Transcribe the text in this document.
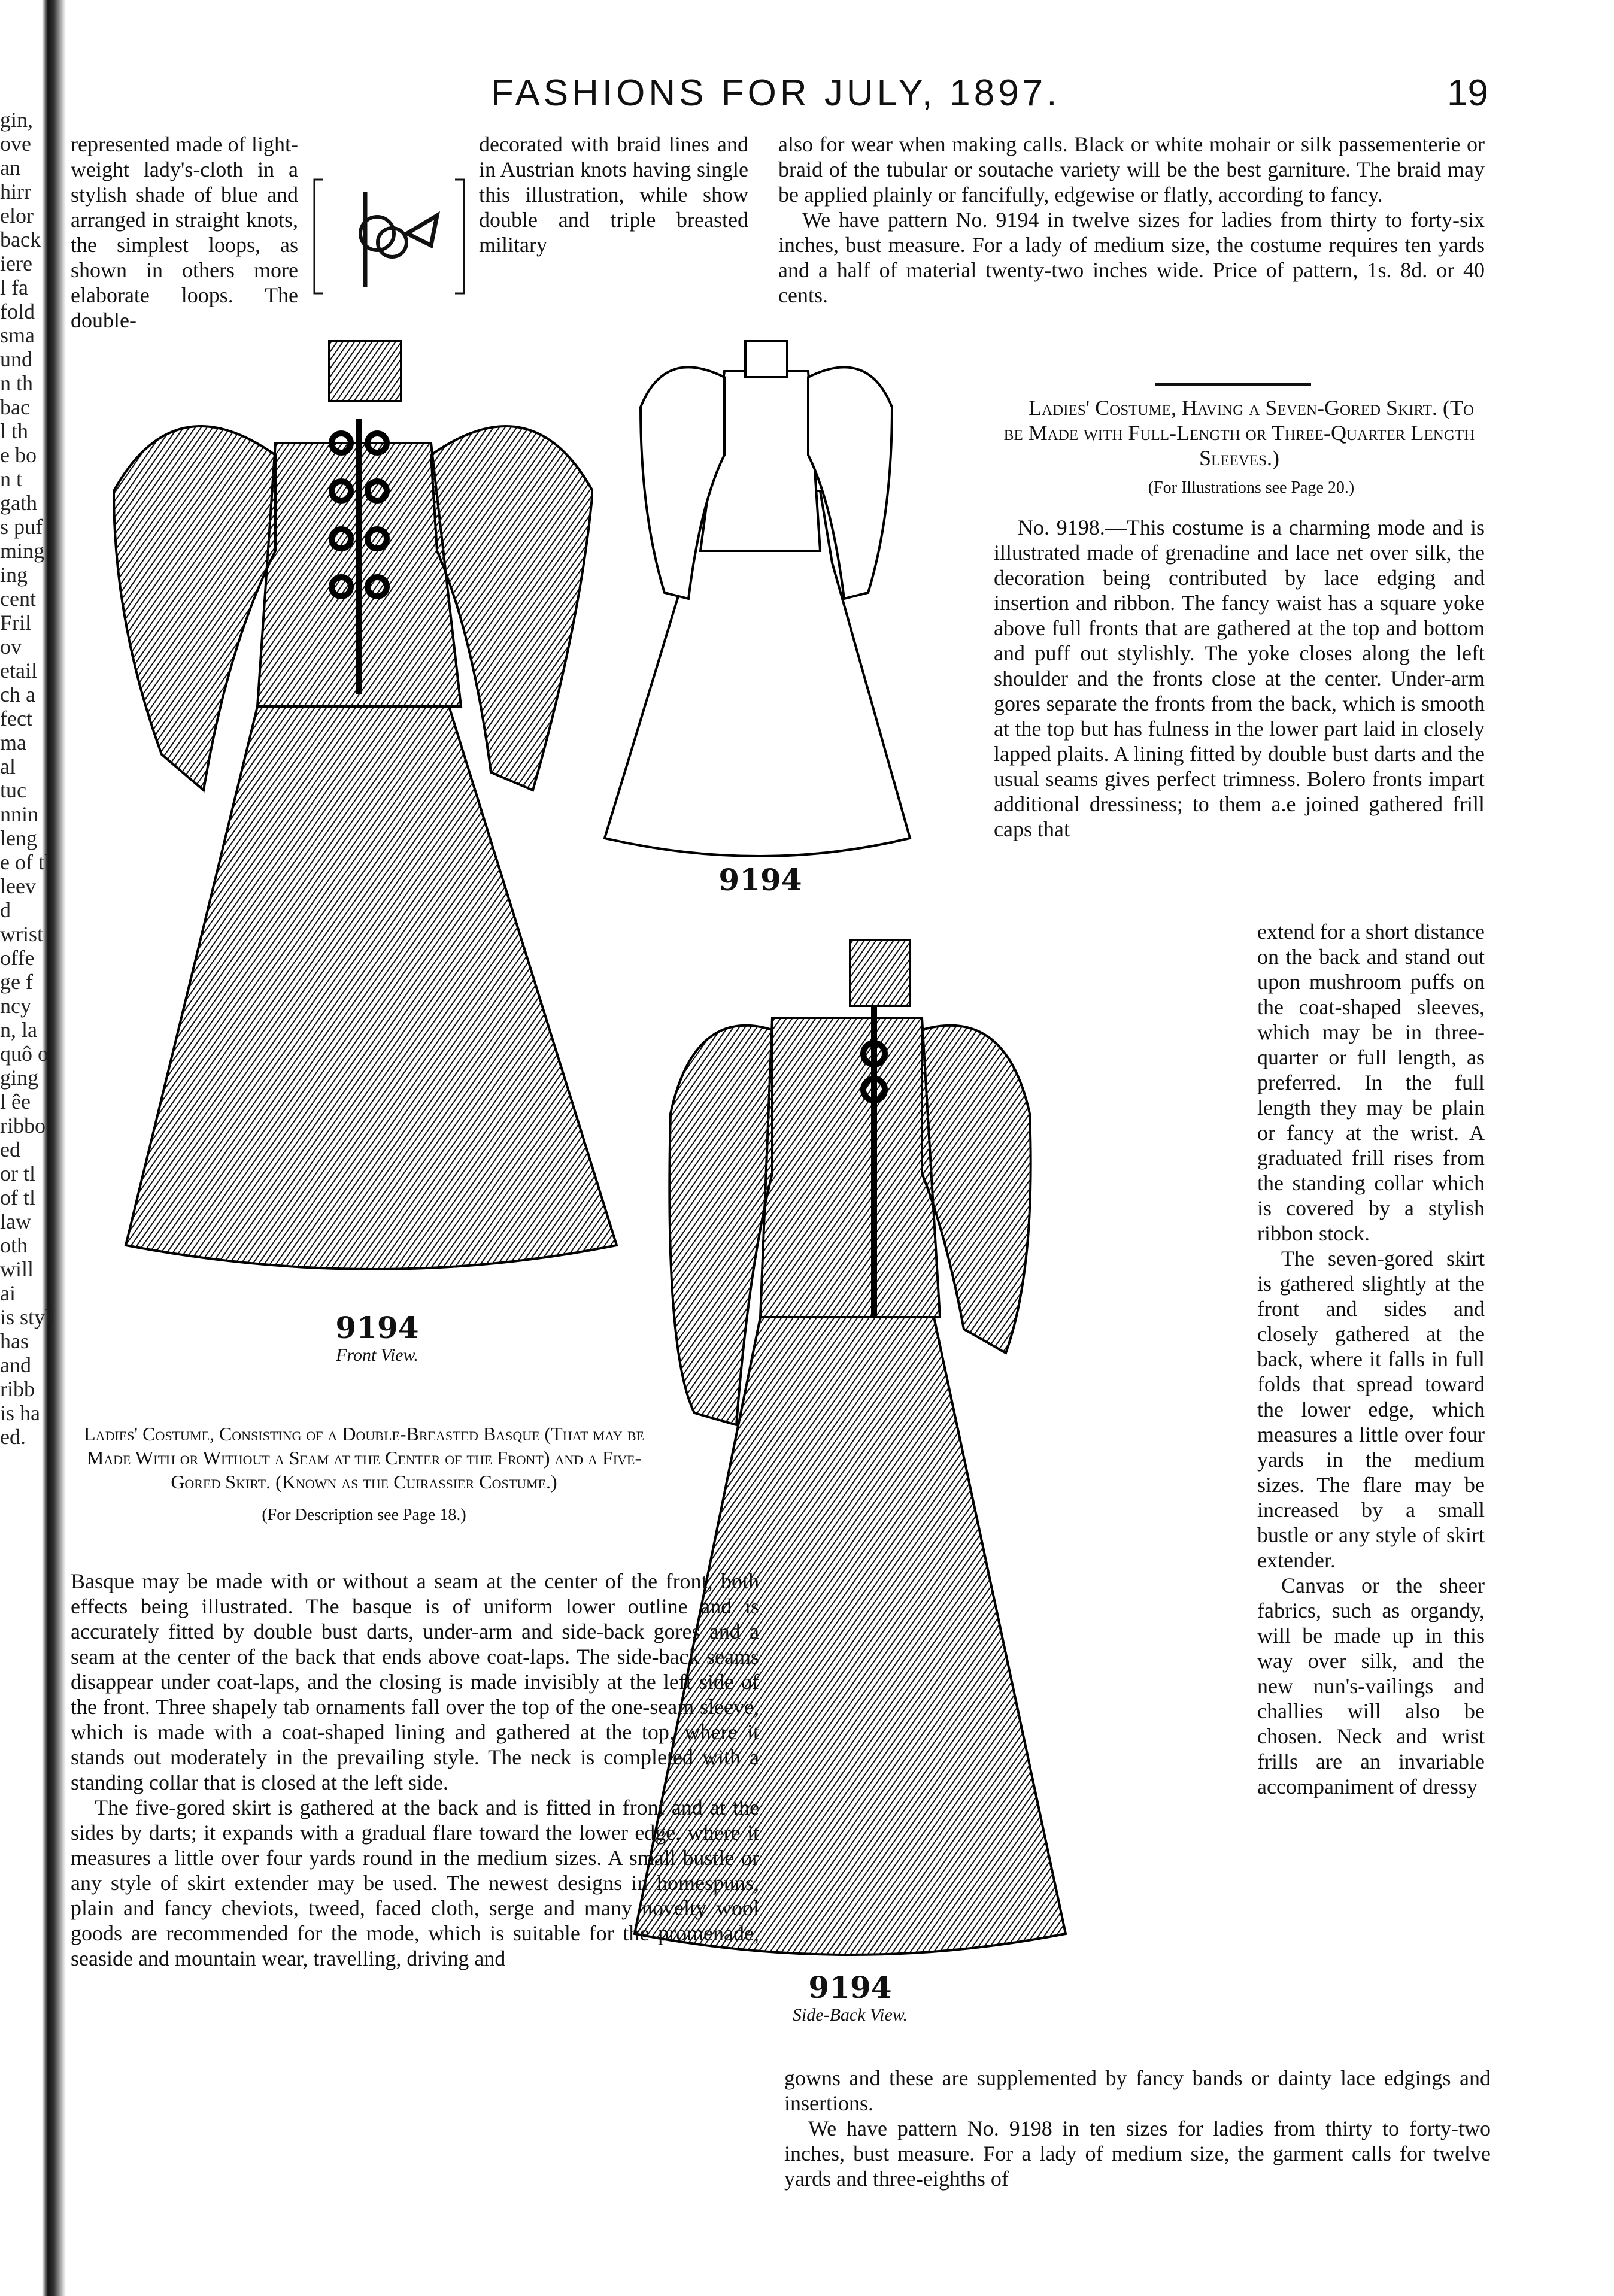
gin,
ove
an
hirr
elor
back
iere
l fa
fold
sma
und
n th
bac
l th
e bo
n t
gath
s puf
ming
ing
cent
Fril
ov
etail
ch a
fect
ma
al
tuc
nnin
leng
e of tl
leev
d
wrist
offe
ge f
ncy
n, la
quô o
ging
l êe
ribbo
ed
or tl
of tl
law
oth
will
ai
is styl
has
and
ribb
is ha
ed.
FASHIONS FOR JULY, 1897.	19

represented made of light-weight lady's-cloth in a stylish shade of blue and arranged in straight knots, the simplest loops, as shown in others more elaborate loops. The double-

decorated with braid lines and in Austrian knots having single this illustration, while show double and triple breasted military

also for wear when making calls. Black or white mohair or silk passementerie or braid of the tubular or soutache variety will be the best garniture. The braid may be applied plainly or fancifully, edgewise or flatly, according to fancy.

We have pattern No. 9194 in twelve sizes for ladies from thirty to forty-six inches, bust measure. For a lady of medium size, the costume requires ten yards and a half of material twenty-two inches wide. Price of pattern, 1s. 8d. or 40 cents.

Ladies' Costume, Having a Seven-Gored Skirt. (To be Made with Full-Length or Three-Quarter Length Sleeves.)

(For Illustrations see Page 20.)

No. 9198.—This costume is a charming mode and is illustrated made of grenadine and lace net over silk, the decoration being contributed by lace edging and insertion and ribbon. The fancy waist has a square yoke above full fronts that are gathered at the top and bottom and puff out stylishly. The yoke closes along the left shoulder and the fronts close at the center. Under-arm gores separate the fronts from the back, which is smooth at the top but has fulness in the lower part laid in closely lapped plaits. A lining fitted by double bust darts and the usual seams gives perfect trimness. Bolero fronts impart additional dressiness; to them a.e joined gathered frill caps that

extend for a short distance on the back and stand out upon mushroom puffs on the coat-shaped sleeves, which may be in three-quarter or full length, as preferred. In the full length they may be plain or fancy at the wrist. A graduated frill rises from the standing collar which is covered by a stylish ribbon stock.

The seven-gored skirt is gathered slightly at the front and sides and closely gathered at the back, where it falls in full folds that spread toward the lower edge, which measures a little over four yards in the medium sizes. The flare may be increased by a small bustle or any style of skirt extender.

Canvas or the sheer fabrics, such as organdy, will be made up in this way over silk, and the new nun's-vailings and challies will also be chosen. Neck and wrist frills are an invariable accompaniment of dressy

gowns and these are supplemented by fancy bands or dainty lace edgings and insertions.

We have pattern No. 9198 in ten sizes for ladies from thirty to forty-two inches, bust measure. For a lady of medium size, the garment calls for twelve yards and three-eighths of

9194
Front View.
9194
9194
Side-Back View.
Ladies' Costume, Consisting of a Double-Breasted Basque (That may be Made With or Without a Seam at the Center of the Front) and a Five-Gored Skirt. (Known as the Cuirassier Costume.)
(For Description see Page 18.)

Basque may be made with or without a seam at the center of the front, both effects being illustrated. The basque is of uniform lower outline and is accurately fitted by double bust darts, under-arm and side-back gores and a seam at the center of the back that ends above coat-laps. The side-back seams disappear under coat-laps, and the closing is made invisibly at the left side of the front. Three shapely tab ornaments fall over the top of the one-seam sleeve, which is made with a coat-shaped lining and gathered at the top, where it stands out moderately in the prevailing style. The neck is completed with a standing collar that is closed at the left side.

The five-gored skirt is gathered at the back and is fitted in front and at the sides by darts; it expands with a gradual flare toward the lower edge, where it measures a little over four yards round in the medium sizes. A small bustle or any style of skirt extender may be used. The newest designs in homespuns, plain and fancy cheviots, tweed, faced cloth, serge and many novelty wool goods are recommended for the mode, which is suitable for the promenade, seaside and mountain wear, travelling, driving and
